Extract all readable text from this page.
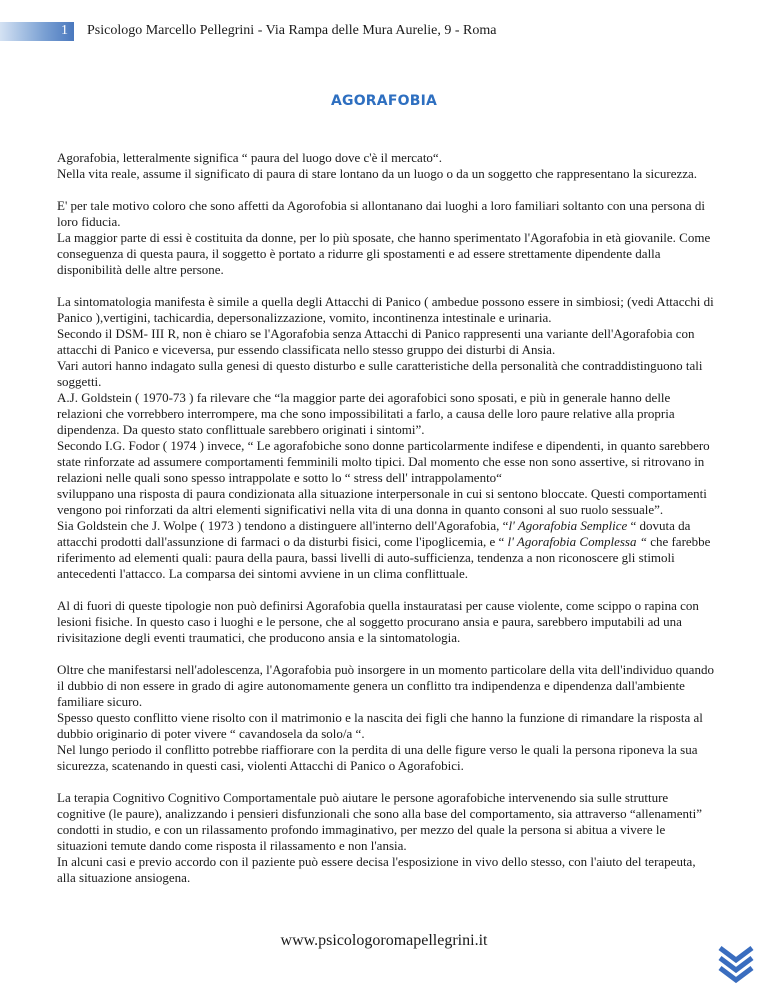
1 Psicologo Marcello Pellegrini - Via Rampa delle Mura Aurelie, 9 - Roma
AGORAFOBIA

Agorafobia, letteralmente significa “ paura del luogo dove c'è il mercato“.
Nella vita reale, assume il significato di paura di stare lontano da un luogo o da un soggetto che rappresentano la sicurezza.

E' per tale motivo coloro che sono affetti da Agorofobia si allontanano dai luoghi a loro familiari soltanto con una persona di loro fiducia.
La maggior parte di essi è costituita da donne, per lo più sposate, che hanno sperimentato l'Agorafobia in età giovanile. Come conseguenza di questa paura, il soggetto è portato a ridurre gli spostamenti e ad essere strettamente dipendente dalla disponibilità delle altre persone.

La sintomatologia manifesta è simile a quella degli Attacchi di Panico ( ambedue possono essere in simbiosi; (vedi Attacchi di Panico ),vertigini, tachicardia, depersonalizzazione, vomito, incontinenza intestinale e urinaria.
Secondo il DSM- III R, non è chiaro se l'Agorafobia senza Attacchi di Panico rappresenti una variante dell'Agorafobia con attacchi di Panico e viceversa, pur essendo classificata nello stesso gruppo dei disturbi di Ansia.
Vari autori hanno indagato sulla genesi di questo disturbo e sulle caratteristiche della personalità che contraddistinguono tali soggetti.
A.J. Goldstein ( 1970-73 ) fa rilevare che “la maggior parte dei agorafobici sono sposati, e più in generale hanno delle relazioni che vorrebbero interrompere, ma che sono impossibilitati a farlo, a causa delle loro paure relative alla propria dipendenza. Da questo stato conflittuale sarebbero originati i sintomi”.
Secondo I.G. Fodor ( 1974 ) invece, “ Le agorafobiche sono donne particolarmente indifese e dipendenti, in quanto sarebbero state rinforzate ad assumere comportamenti femminili molto tipici. Dal momento che esse non sono assertive, si ritrovano in relazioni nelle quali sono spesso intrappolate e sotto lo “ stress dell' intrappolamento“
sviluppano una risposta di paura condizionata alla situazione interpersonale in cui si sentono bloccate. Questi comportamenti vengono poi rinforzati da altri elementi significativi nella vita di una donna in quanto consoni al suo ruolo sessuale”.

Sia Goldstein che J. Wolpe ( 1973 ) tendono a distinguere all'interno dell'Agorafobia, “l' Agorafobia Semplice “ dovuta da attacchi prodotti dall'assunzione di farmaci o da disturbi fisici, come l'ipoglicemia, e “ l' Agorafobia Complessa “ che farebbe riferimento ad elementi quali: paura della paura, bassi livelli di auto-sufficienza, tendenza a non riconoscere gli stimoli antecedenti l'attacco. La comparsa dei sintomi avviene in un clima conflittuale.

Al di fuori di queste tipologie non può definirsi Agorafobia quella instauratasi per cause violente, come scippo o rapina con lesioni fisiche. In questo caso i luoghi e le persone, che al soggetto procurano ansia e paura, sarebbero imputabili ad una rivisitazione degli eventi traumatici, che producono ansia e la sintomatologia.

Oltre che manifestarsi nell'adolescenza, l'Agorafobia può insorgere in un momento particolare della vita dell'individuo quando il dubbio di non essere in grado di agire autonomamente genera un conflitto tra indipendenza e dipendenza dall'ambiente familiare sicuro.
Spesso questo conflitto viene risolto con il matrimonio e la nascita dei figli che hanno la funzione di rimandare la risposta al dubbio originario di poter vivere “ cavandosela da solo/a “.
Nel lungo periodo il conflitto potrebbe riaffiorare con la perdita di una delle figure verso le quali la persona riponeva la sua sicurezza, scatenando in questi casi, violenti Attacchi di Panico o Agorafobici.

La terapia Cognitivo Cognitivo Comportamentale può aiutare le persone agorafobiche intervenendo sia sulle strutture cognitive (le paure), analizzando i pensieri disfunzionali che sono alla base del comportamento, sia attraverso “allenamenti” condotti in studio, e con un rilassamento profondo immaginativo, per mezzo del quale la persona si abitua a vivere le situazioni temute dando come risposta il rilassamento e non l'ansia.
In alcuni casi e previo accordo con il paziente può essere decisa l'esposizione in vivo dello stesso, con l'aiuto del terapeuta, alla situazione ansiogena.

www.psicologoromapellegrini.it
